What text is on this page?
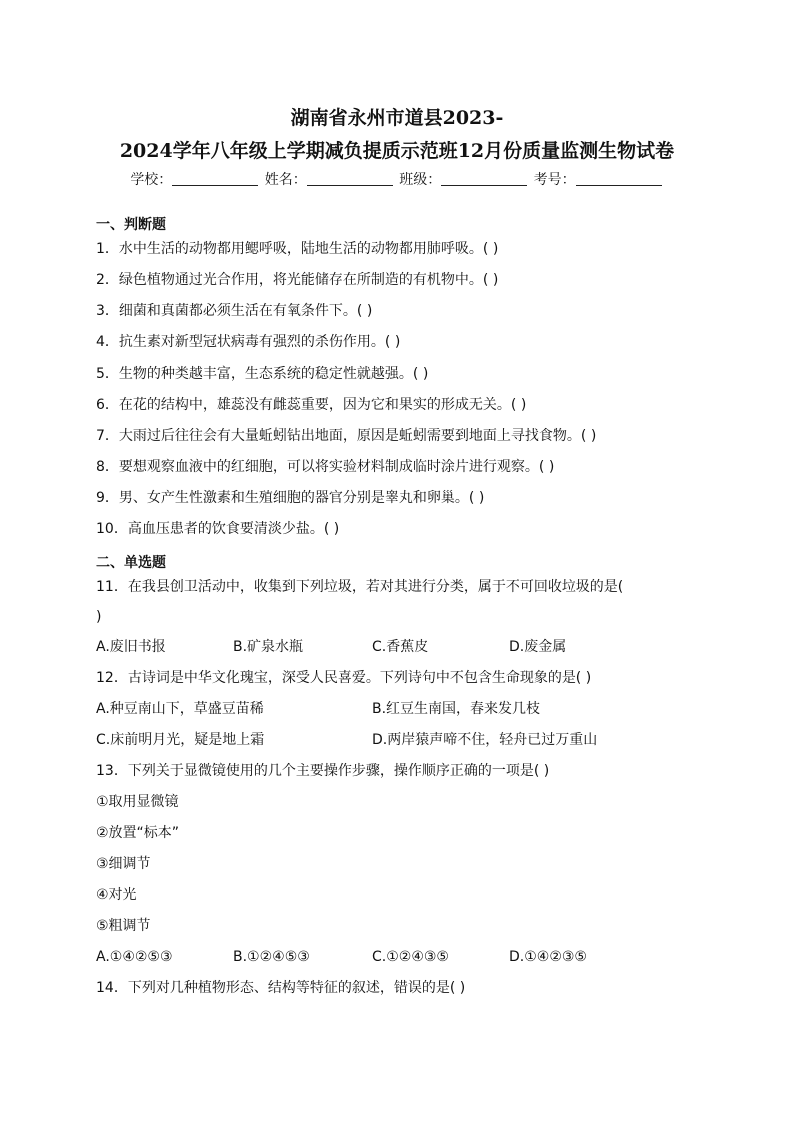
湖南省永州市道县2023-
2024学年八年级上学期减负提质示范班12月份质量监测生物试卷
学校：	姓名：	班级：	考号：
一、判断题
1．水中生活的动物都用鳃呼吸，陆地生活的动物都用肺呼吸。( )
2．绿色植物通过光合作用，将光能储存在所制造的有机物中。( )
3．细菌和真菌都必须生活在有氧条件下。( )
4．抗生素对新型冠状病毒有强烈的杀伤作用。( )
5．生物的种类越丰富，生态系统的稳定性就越强。( )
6．在花的结构中，雄蕊没有雌蕊重要，因为它和果实的形成无关。( )
7．大雨过后往往会有大量蚯蚓钻出地面，原因是蚯蚓需要到地面上寻找食物。( )
8．要想观察血液中的红细胞，可以将实验材料制成临时涂片进行观察。( )
9．男、女产生性激素和生殖细胞的器官分别是睾丸和卵巢。( )
10．高血压患者的饮食要清淡少盐。( )
二、单选题
11．在我县创卫活动中，收集到下列垃圾，若对其进行分类，属于不可回收垃圾的是(
)
A.废旧书报	B.矿泉水瓶	C.香蕉皮	D.废金属
12．古诗词是中华文化瑰宝，深受人民喜爱。下列诗句中不包含生命现象的是( )
A.种豆南山下，草盛豆苗稀	B.红豆生南国，春来发几枝
C.床前明月光，疑是地上霜	D.两岸猿声啼不住，轻舟已过万重山
13．下列关于显微镜使用的几个主要操作步骤，操作顺序正确的一项是( )
①取用显微镜
②放置“标本”
③细调节
④对光
⑤粗调节
A.①④②⑤③	B.①②④⑤③	C.①②④③⑤	D.①④②③⑤
14．下列对几种植物形态、结构等特征的叙述，错误的是( )
